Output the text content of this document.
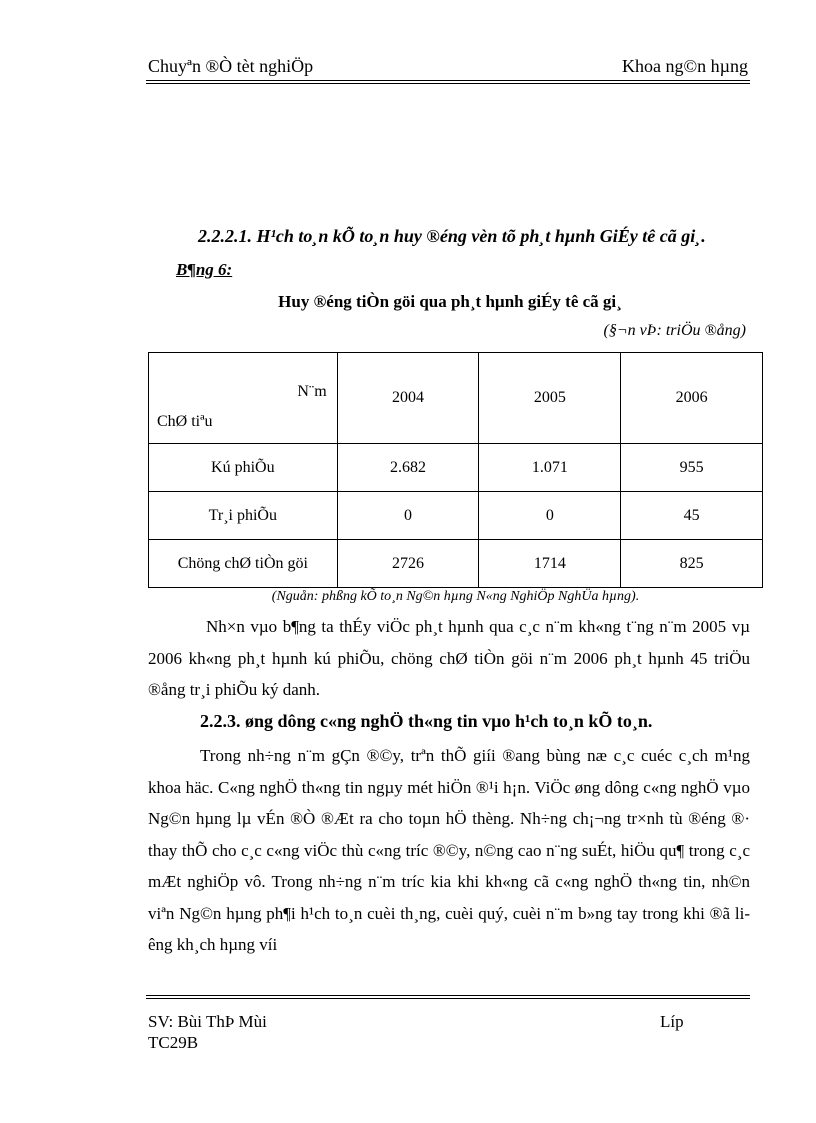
Chuyªn ®Ò tèt nghiÖp	Khoa ng©n hµng
2.2.2.1. H¹ch to¸n kÕ to¸n huy ®éng vèn tõ ph¸t hµnh GiÉy tê cã gi¸.
B¶ng 6:
Huy ®éng tiÒn göi qua ph¸t hµnh giÉy tê cã gi¸
(§¬n vÞ: triÖu ®ång)
N¨m
ChØ tiªu	2004	2005	2006
Kú phiÕu	2.682	1.071	955
Tr¸i phiÕu	0	0	45
Chöng chØ tiÒn göi	2726	1714	825
(Nguån: phßng kÕ to¸n Ng©n hµng N«ng NghiÖp NghÜa hµng).
Nh×n vµo b¶ng ta thÉy viÖc ph¸t hµnh qua c¸c n¨m kh«ng t¨ng n¨m 2005 vµ 2006 kh«ng ph¸t hµnh kú phiÕu, chöng chØ tiÒn göi n¨m 2006 ph¸t hµnh 45 triÖu ®ång tr¸i phiÕu ký danh.
2.2.3. øng dông c«ng nghÖ th«ng tin vµo h¹ch to¸n kÕ to¸n.
Trong nh÷ng n¨m gÇn ®©y, trªn thÕ giíi ®ang bùng næ c¸c cuéc c¸ch m¹ng khoa häc. C«ng nghÖ th«ng tin ngµy mét hiÖn ®¹i h¡n. ViÖc øng dông c«ng nghÖ vµo Ng©n hµng lµ vÉn ®Ò ®Æt ra cho toµn hÖ thèng. Nh÷ng ch¡¬ng tr×nh tù ®éng ®· thay thÕ cho c¸c c«ng viÖc thù c«ng tríc ®©y, n©ng cao n¨ng suÉt, hiÖu qu¶ trong c¸c mÆt nghiÖp vô. Trong nh÷ng n¨m tríc kia khi kh«ng cã c«ng nghÖ th«ng tin, nh©n viªn Ng©n hµng ph¶i h¹ch to¸n cuèi th¸ng, cuèi quý, cuèi n¨m b»ng tay trong khi ®ã liêng kh¸ch hµng víi
SV: Bùi ThÞ Mùi
TC29B
Líp
